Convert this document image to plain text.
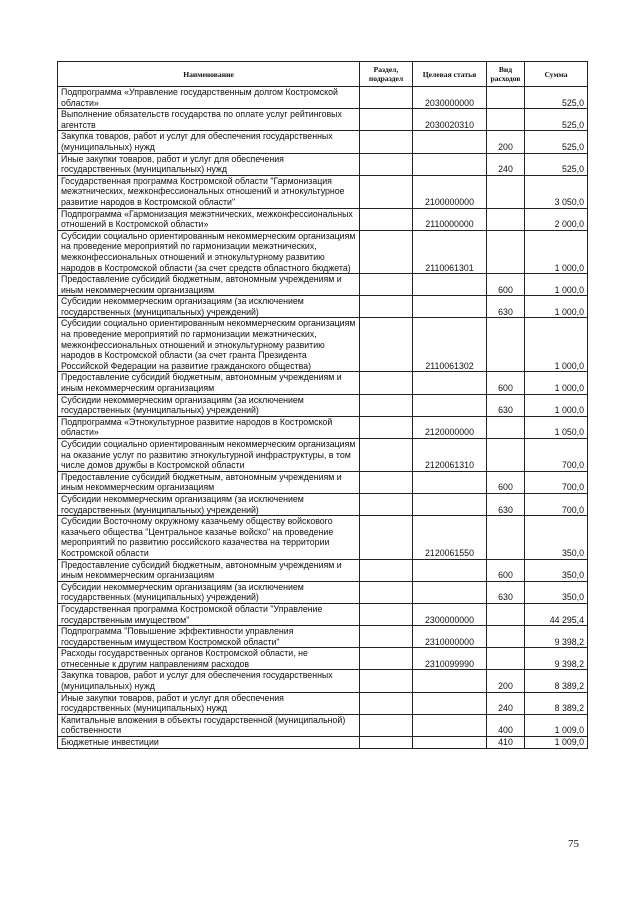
Наименование	Раздел, подраздел	Целевая статья	Вид расходов	Сумма
Подпрограмма «Управление государственным долгом Костромской области»		2030000000		525,0
Выполнение обязательств государства по оплате услуг рейтинговых агентств		2030020310		525,0
Закупка товаров, работ и услуг для обеспечения государственных (муниципальных) нужд			200	525,0
Иные закупки товаров, работ и услуг для обеспечения государственных (муниципальных) нужд			240	525,0
Государственная программа Костромской области "Гармонизация межэтнических, межконфессиональных отношений и этнокультурное развитие народов в Костромской области"		2100000000		3 050,0
Подпрограмма «Гармонизация межэтнических, межконфессиональных отношений в Костромской области»		2110000000		2 000,0
Субсидии социально ориентированным некоммерческим организациям на проведение мероприятий по гармонизации межэтнических, межконфессиональных отношений и этнокультурному развитию народов в Костромской области (за счет средств областного бюджета)		2110061301		1 000,0
Предоставление субсидий бюджетным, автономным учреждениям и иным некоммерческим организациям			600	1 000,0
Субсидии некоммерческим организациям (за исключением государственных (муниципальных) учреждений)			630	1 000,0
Субсидии социально ориентированным некоммерческим организациям на проведение мероприятий по гармонизации межэтнических, межконфессиональных отношений и этнокультурному развитию народов в Костромской области (за счет гранта Президента Российской Федерации на развитие гражданского общества)		2110061302		1 000,0
Предоставление субсидий бюджетным, автономным учреждениям и иным некоммерческим организациям			600	1 000,0
Субсидии некоммерческим организациям (за исключением государственных (муниципальных) учреждений)			630	1 000,0
Подпрограмма «Этнокультурное развитие народов в Костромской области»		2120000000		1 050,0
Субсидии социально ориентированным некоммерческим организациям на оказание услуг по развитию этнокультурной инфраструктуры, в том числе домов дружбы в Костромской области		2120061310		700,0
Предоставление субсидий бюджетным, автономным учреждениям и иным некоммерческим организациям			600	700,0
Субсидии некоммерческим организациям (за исключением государственных (муниципальных) учреждений)			630	700,0
Субсидии Восточному окружному казачьему обществу войскового казачьего общества "Центральное казачье войско" на проведение мероприятий по развитию российского казачества на территории Костромской области		2120061550		350,0
Предоставление субсидий бюджетным, автономным учреждениям и иным некоммерческим организациям			600	350,0
Субсидии некоммерческим организациям (за исключением государственных (муниципальных) учреждений)			630	350,0
Государственная программа Костромской области "Управление государственным имуществом"		2300000000		44 295,4
Подпрограмма "Повышение эффективности управления государственным имуществом Костромской области"		2310000000		9 398,2
Расходы государственных органов Костромской области, не отнесенные к другим направлениям расходов		2310099990		9 398,2
Закупка товаров, работ и услуг для обеспечения государственных (муниципальных) нужд			200	8 389,2
Иные закупки товаров, работ и услуг для обеспечения государственных (муниципальных) нужд			240	8 389,2
Капитальные вложения в объекты государственной (муниципальной) собственности			400	1 009,0
Бюджетные инвестиции			410	1 009,0
75
